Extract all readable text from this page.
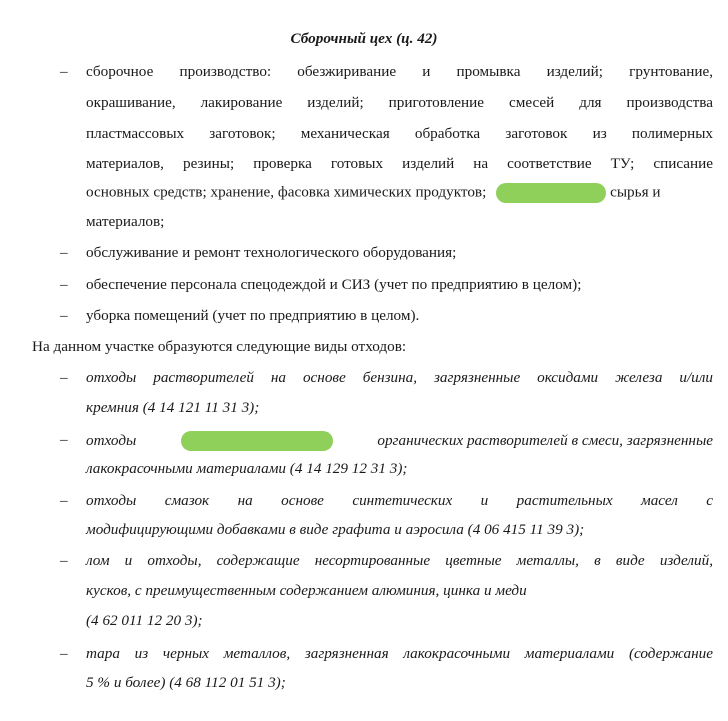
Сборочный цех (ц. 42)
– сборочное производство: обезжиривание и промывка изделий; грунтование,
окрашивание, лакирование изделий; приготовление смесей для производства
пластмассовых заготовок; механическая обработка заготовок из полимерных
материалов, резины; проверка готовых изделий на соответствие ТУ; списание
основных средств; хранение, фасовка химических продуктов;	сырья и
материалов;
– обслуживание и ремонт технологического оборудования;
– обеспечение персонала спецодеждой и СИЗ (учет по предприятию в целом);
– уборка помещений (учет по предприятию в целом).
На данном участке образуются следующие виды отходов:
– отходы растворителей на основе бензина, загрязненные оксидами железа и/или
кремния (4 14 121 11 31 3);
– отходы	органических растворителей в смеси, загрязненные
лакокрасочными материалами (4 14 129 12 31 3);
– отходы смазок на основе синтетических и растительных масел с
модифицирующими добавками в виде графита и аэросила (4 06 415 11 39 3);
– лом и отходы, содержащие несортированные цветные металлы, в виде изделий,
кусков, с преимущественным содержанием алюминия, цинка и меди
(4 62 011 12 20 3);
– тара из черных металлов, загрязненная лакокрасочными материалами (содержание
5 % и более) (4 68 112 01 51 3);
